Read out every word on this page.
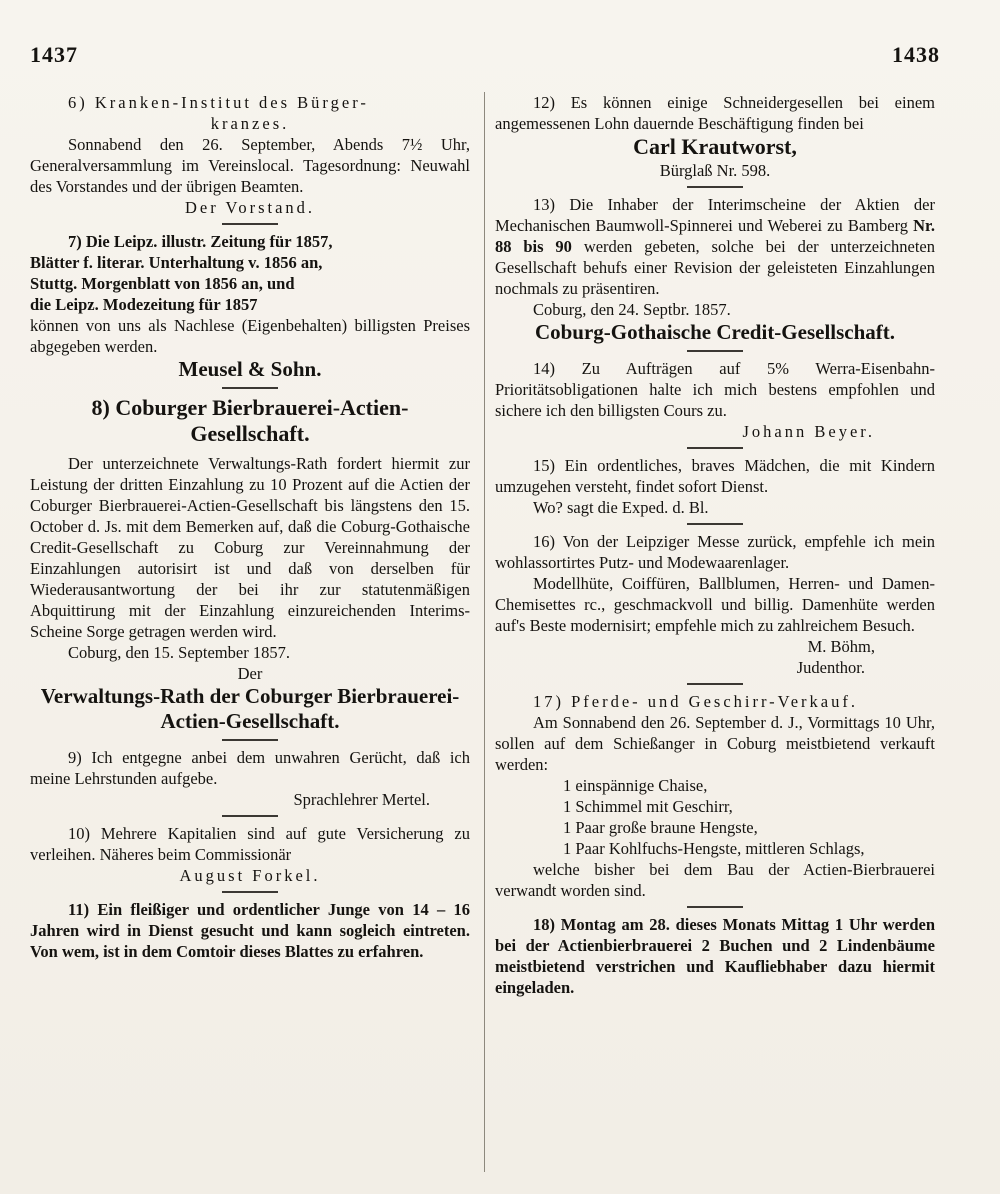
1437	1438

6) Kranken-Institut des Bürger-

kranzes.

Sonnabend den 26. September, Abends 7½ Uhr, Generalversammlung im Vereinslocal. Tagesordnung: Neuwahl des Vorstandes und der übrigen Beamten.

Der Vorstand.

7) Die Leipz. illustr. Zeitung für 1857,

Blätter f. literar. Unterhaltung v. 1856 an,

Stuttg. Morgenblatt von 1856 an, und

die Leipz. Modezeitung für 1857

können von uns als Nachlese (Eigenbehalten) billigsten Preises abgegeben werden.

Meusel & Sohn.

8) Coburger Bierbrauerei-Actien-

Gesellschaft.

Der unterzeichnete Verwaltungs-Rath fordert hiermit zur Leistung der dritten Einzahlung zu 10 Prozent auf die Actien der Coburger Bierbrauerei-Actien-Gesellschaft bis längstens den 15. October d. Js. mit dem Bemerken auf, daß die Coburg-Gothaische Credit-Gesellschaft zu Coburg zur Vereinnahmung der Einzahlungen autorisirt ist und daß von derselben für Wiederausantwortung der bei ihr zur statutenmäßigen Abquittirung mit der Einzahlung einzureichenden Interims-Scheine Sorge getragen werden wird.

Coburg, den 15. September 1857.

Der

Verwaltungs-Rath der Coburger Bierbrauerei-Actien-Gesellschaft.

9) Ich entgegne anbei dem unwahren Gerücht, daß ich meine Lehrstunden aufgebe.

Sprachlehrer Mertel.

10) Mehrere Kapitalien sind auf gute Versicherung zu verleihen. Näheres beim Commissionär

August Forkel.

11) Ein fleißiger und ordentlicher Junge von 14 – 16 Jahren wird in Dienst gesucht und kann sogleich eintreten. Von wem, ist in dem Comtoir dieses Blattes zu erfahren.

12) Es können einige Schneidergesellen bei einem angemessenen Lohn dauernde Beschäftigung finden bei

Carl Krautworst,

Bürglaß Nr. 598.

13) Die Inhaber der Interimscheine der Aktien der Mechanischen Baumwoll-Spinnerei und Weberei zu Bamberg Nr. 88 bis 90 werden gebeten, solche bei der unterzeichneten Gesellschaft behufs einer Revision der geleisteten Einzahlungen nochmals zu präsentiren.

Coburg, den 24. Septbr. 1857.

Coburg-Gothaische Credit-Gesellschaft.

14) Zu Aufträgen auf 5% Werra-Eisenbahn-Prioritätsobligationen halte ich mich bestens empfohlen und sichere ich den billigsten Cours zu.

Johann Beyer.

15) Ein ordentliches, braves Mädchen, die mit Kindern umzugehen versteht, findet sofort Dienst.

Wo? sagt die Exped. d. Bl.

16) Von der Leipziger Messe zurück, empfehle ich mein wohlassortirtes Putz- und Modewaarenlager.

Modellhüte, Coiffüren, Ballblumen, Herren- und Damen-Chemisettes rc., geschmackvoll und billig. Damenhüte werden auf's Beste modernisirt; empfehle mich zu zahlreichem Besuch.

M. Böhm,

Judenthor.

17) Pferde- und Geschirr-Verkauf.

Am Sonnabend den 26. September d. J., Vormittags 10 Uhr, sollen auf dem Schießanger in Coburg meistbietend verkauft werden:

1 einspännige Chaise,

1 Schimmel mit Geschirr,

1 Paar große braune Hengste,

1 Paar Kohlfuchs-Hengste, mittleren Schlags,

welche bisher bei dem Bau der Actien-Bierbrauerei verwandt worden sind.

18) Montag am 28. dieses Monats Mittag 1 Uhr werden bei der Actienbierbrauerei 2 Buchen und 2 Lindenbäume meistbietend verstrichen und Kaufliebhaber dazu hiermit eingeladen.
